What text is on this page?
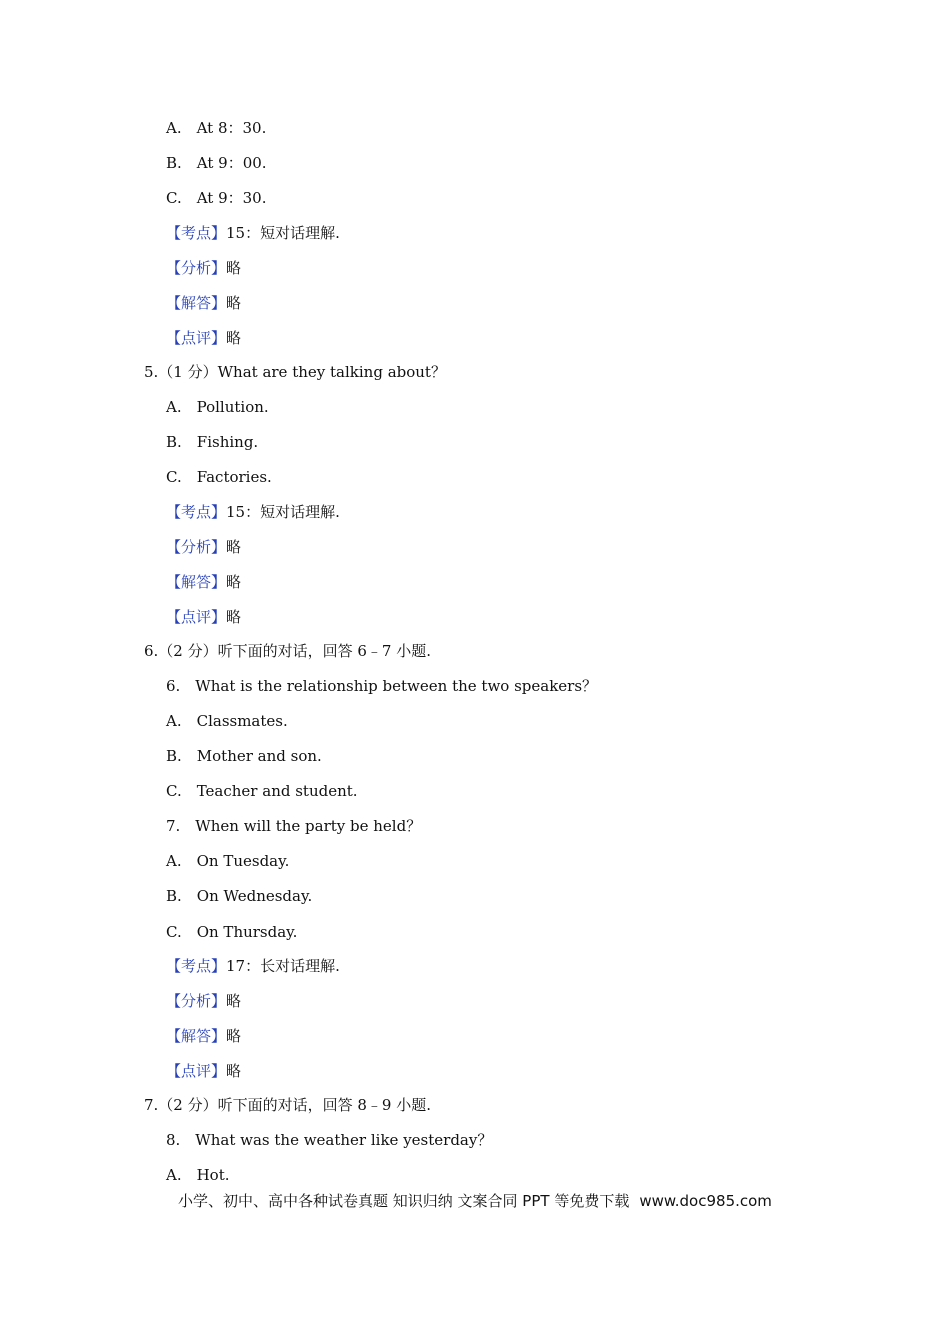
A.　At 8：30.
B.　At 9：00.
C.　At 9：30.
【考点】15：短对话理解.
【分析】略
【解答】略
【点评】略
5.（1 分）What are they talking about？
A.　Pollution.
B.　Fishing.
C.　Factories.
【考点】15：短对话理解.
【分析】略
【解答】略
【点评】略
6.（2 分）听下面的对话，回答 6﹣7 小题.
6.　What is the relationship between the two speakers？
A.　Classmates.
B.　Mother and son.
C.　Teacher and student.
7.　When will the party be held？
A.　On Tuesday.
B.　On Wednesday.
C.　On Thursday.
【考点】17：长对话理解.
【分析】略
【解答】略
【点评】略
7.（2 分）听下面的对话，回答 8﹣9 小题.
8.　What was the weather like yesterday？
A.　Hot.
小学、初中、高中各种试卷真题 知识归纳 文案合同 PPT 等免费下载 www.doc985.com
